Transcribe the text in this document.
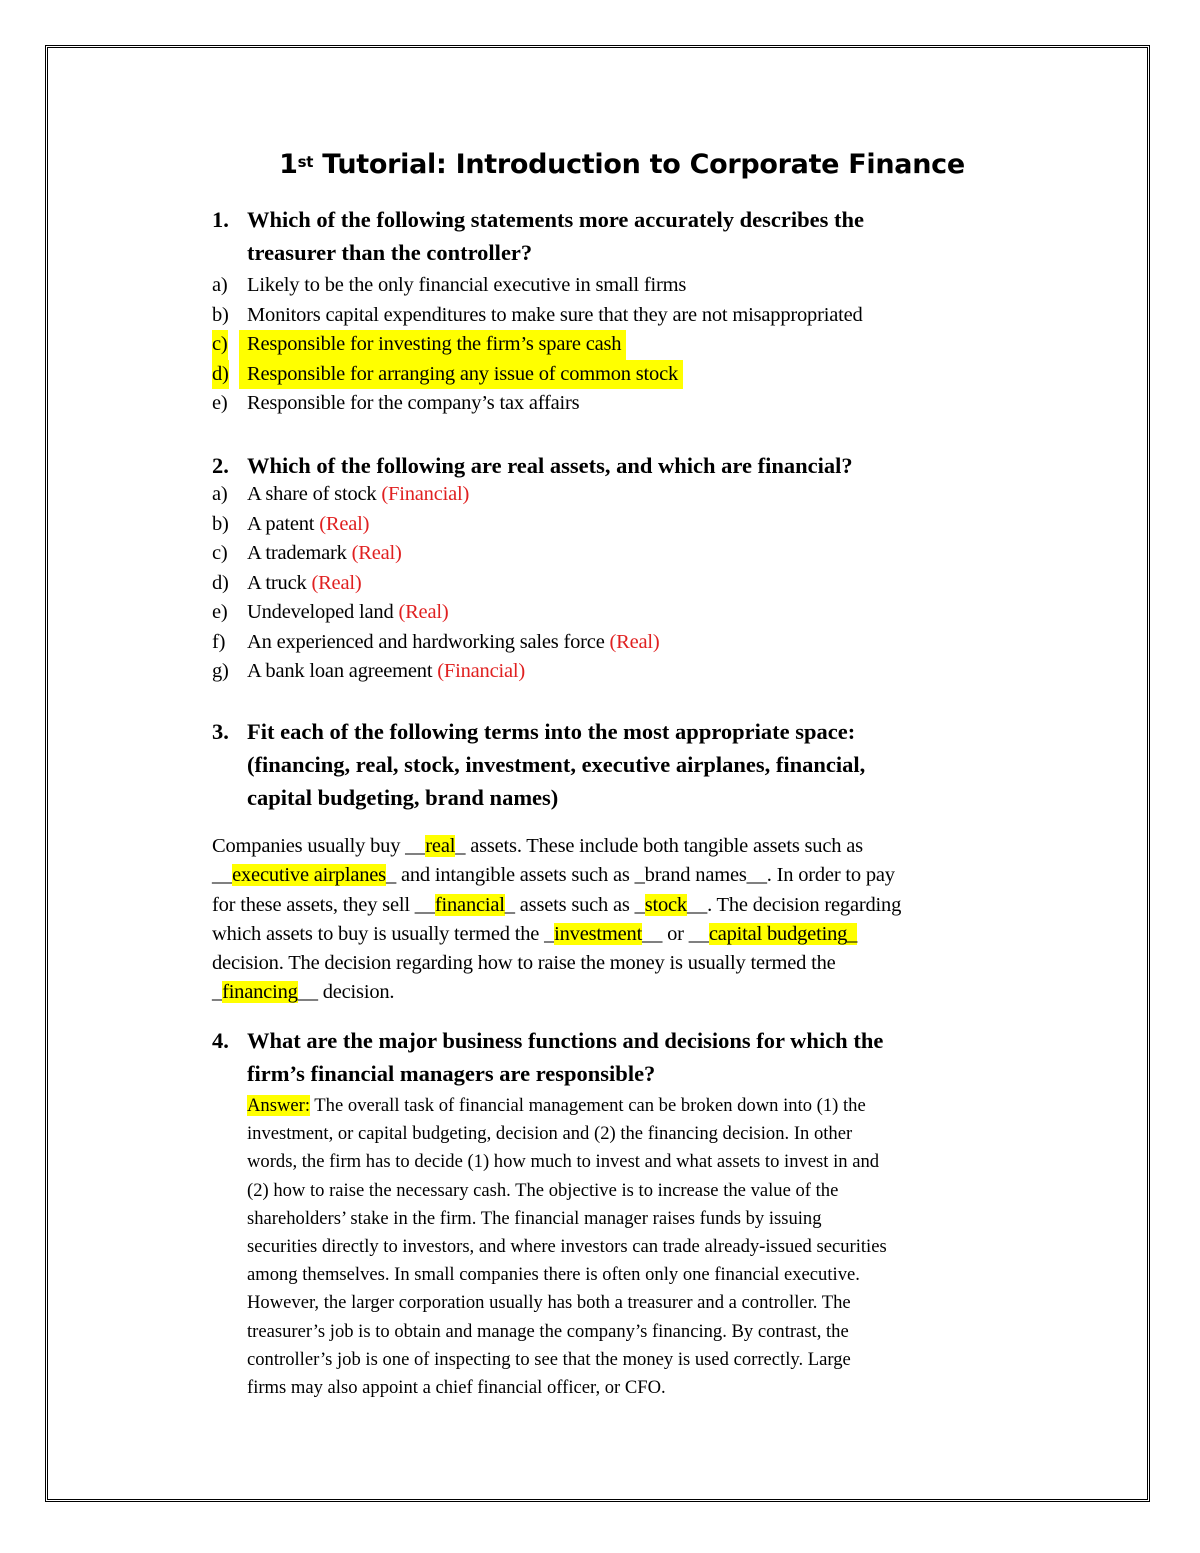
1st Tutorial: Introduction to Corporate Finance
1. Which of the following statements more accurately describes the
treasurer than the controller?
a) Likely to be the only financial executive in small firms
b) Monitors capital expenditures to make sure that they are not misappropriated
c) Responsible for investing the firm’s spare cash
d) Responsible for arranging any issue of common stock
e) Responsible for the company’s tax affairs
2. Which of the following are real assets, and which are financial?
a) A share of stock (Financial)
b) A patent (Real)
c) A trademark (Real)
d) A truck (Real)
e) Undeveloped land (Real)
f) An experienced and hardworking sales force (Real)
g) A bank loan agreement (Financial)
3. Fit each of the following terms into the most appropriate space:
(financing, real, stock, investment, executive airplanes, financial,
capital budgeting, brand names)
Companies usually buy __real_ assets. These include both tangible assets such as
__executive airplanes_ and intangible assets such as _brand names__. In order to pay
for these assets, they sell __financial_ assets such as _stock__. The decision regarding
which assets to buy is usually termed the _investment__ or __capital budgeting_
decision. The decision regarding how to raise the money is usually termed the
_financing__ decision.
4. What are the major business functions and decisions for which the
firm’s financial managers are responsible?
Answer: The overall task of financial management can be broken down into (1) the
investment, or capital budgeting, decision and (2) the financing decision. In other
words, the firm has to decide (1) how much to invest and what assets to invest in and
(2) how to raise the necessary cash. The objective is to increase the value of the
shareholders’ stake in the firm. The financial manager raises funds by issuing
securities directly to investors, and where investors can trade already-issued securities
among themselves. In small companies there is often only one financial executive.
However, the larger corporation usually has both a treasurer and a controller. The
treasurer’s job is to obtain and manage the company’s financing. By contrast, the
controller’s job is one of inspecting to see that the money is used correctly. Large
firms may also appoint a chief financial officer, or CFO.
